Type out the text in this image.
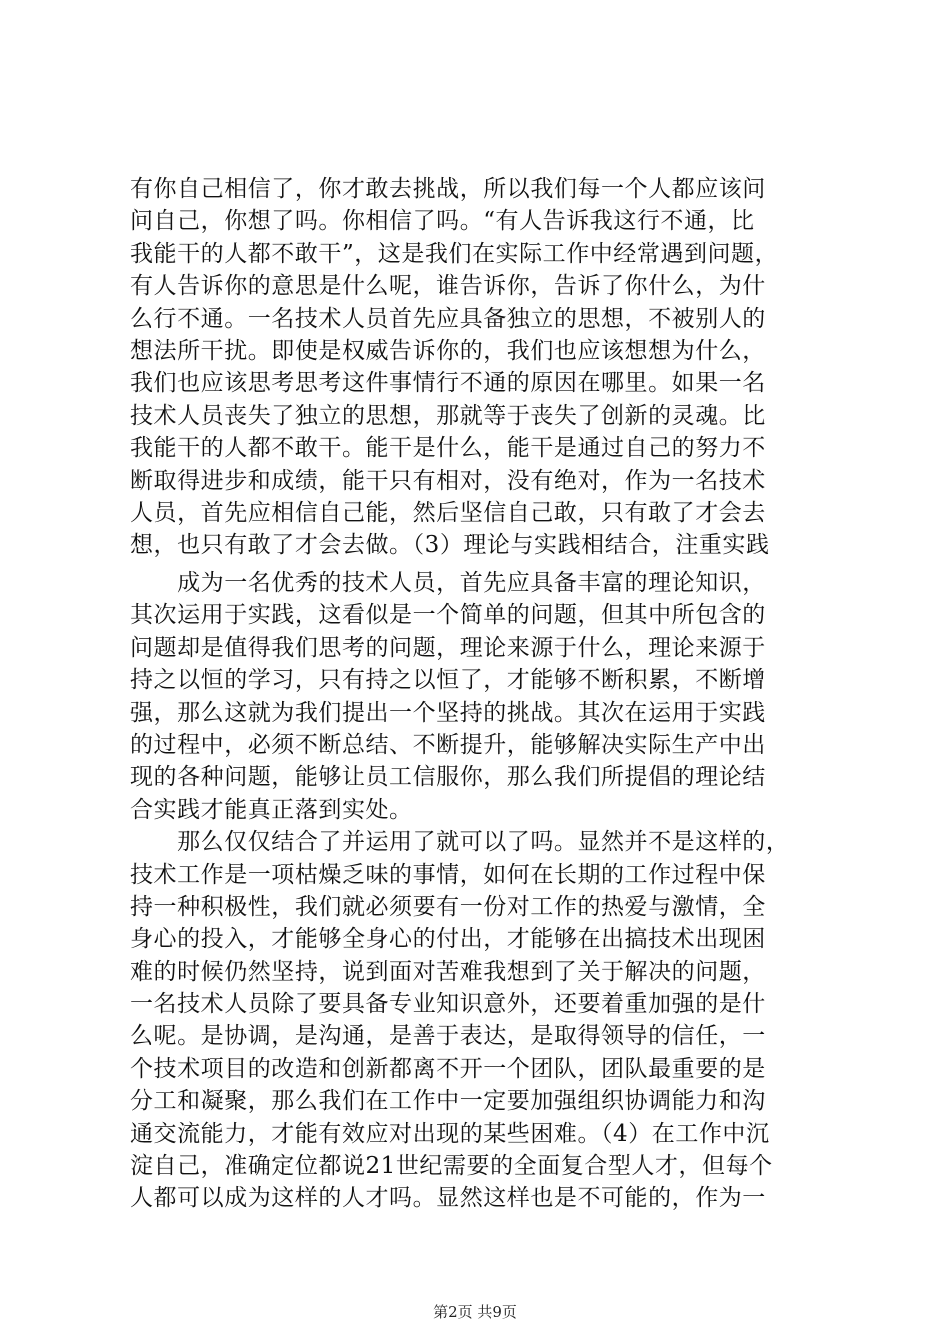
有你自己相信了，你才敢去挑战，所以我们每一个人都应该问
问自己，你想了吗。你相信了吗。“有人告诉我这行不通，比
我能干的人都不敢干”，这是我们在实际工作中经常遇到问题，
有人告诉你的意思是什么呢，谁告诉你，告诉了你什么，为什
么行不通。一名技术人员首先应具备独立的思想，不被别人的
想法所干扰。即使是权威告诉你的，我们也应该想想为什么，
我们也应该思考思考这件事情行不通的原因在哪里。如果一名
技术人员丧失了独立的思想，那就等于丧失了创新的灵魂。比
我能干的人都不敢干。能干是什么，能干是通过自己的努力不
断取得进步和成绩，能干只有相对，没有绝对，作为一名技术
人员，首先应相信自己能，然后坚信自己敢，只有敢了才会去
想，也只有敢了才会去做。（3）理论与实践相结合，注重实践
　　成为一名优秀的技术人员，首先应具备丰富的理论知识，
其次运用于实践，这看似是一个简单的问题，但其中所包含的
问题却是值得我们思考的问题，理论来源于什么，理论来源于
持之以恒的学习，只有持之以恒了，才能够不断积累，不断增
强，那么这就为我们提出一个坚持的挑战。其次在运用于实践
的过程中，必须不断总结、不断提升，能够解决实际生产中出
现的各种问题，能够让员工信服你，那么我们所提倡的理论结
合实践才能真正落到实处。
　　那么仅仅结合了并运用了就可以了吗。显然并不是这样的，
技术工作是一项枯燥乏味的事情，如何在长期的工作过程中保
持一种积极性，我们就必须要有一份对工作的热爱与激情，全
身心的投入，才能够全身心的付出，才能够在出搞技术出现困
难的时候仍然坚持，说到面对苦难我想到了关于解决的问题，
一名技术人员除了要具备专业知识意外，还要着重加强的是什
么呢。是协调，是沟通，是善于表达，是取得领导的信任，一
个技术项目的改造和创新都离不开一个团队，团队最重要的是
分工和凝聚，那么我们在工作中一定要加强组织协调能力和沟
通交流能力，才能有效应对出现的某些困难。（4）在工作中沉
淀自己，准确定位都说21世纪需要的全面复合型人才，但每个
人都可以成为这样的人才吗。显然这样也是不可能的，作为一
第2页 共9页
